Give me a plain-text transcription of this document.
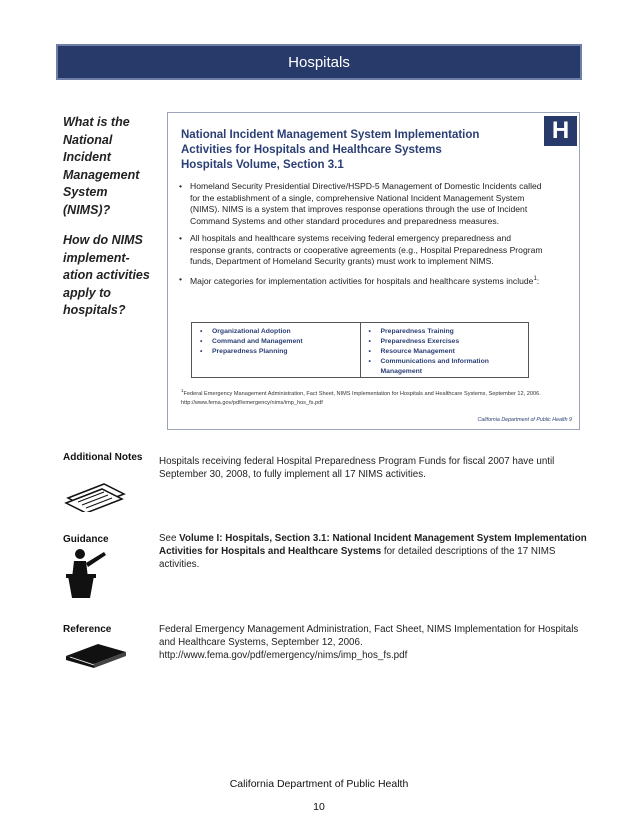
Hospitals

What is the National Incident Management System (NIMS)?

How do NIMS implement-ation activities apply to hospitals?

National Incident Management System Implementation
Activities for Hospitals and Healthcare Systems
Hospitals Volume, Section 3.1
H
• Homeland Security Presidential Directive/HSPD-5 Management of Domestic Incidents called for the establishment of a single, comprehensive National Incident Management System (NIMS). NIMS is a system that improves response operations through the use of Incident Command Systems and other standard procedures and preparedness measures.
• All hospitals and healthcare systems receiving federal emergency preparedness and response grants, contracts or cooperative agreements (e.g., Hospital Preparedness Program funds, Department of Homeland Security grants) must work to implement NIMS.
• Major categories for implementation activities for hospitals and healthcare systems include$^1$:
• Organizational Adoption
• Command and Management
• Preparedness Planning
• Preparedness Training
• Preparedness Exercises
• Resource Management
• Communications and Information Management
$^1$Federal Emergency Management Administration, Fact Sheet, NIMS Implementation for Hospitals and Healthcare Systems, September 12, 2006.
http://www.fema.gov/pdf/emergency/nims/imp_hos_fs.pdf
California Department of Public Health 9
Additional Notes Hospitals receiving federal Hospital Preparedness Program Funds for fiscal 2007 have until September 30, 2008, to fully implement all 17 NIMS activities.
Guidance	See Volume I: Hospitals, Section 3.1: National Incident Management System Implementation Activities for Hospitals and Healthcare Systems for detailed descriptions of the 17 NIMS activities.
Reference	Federal Emergency Management Administration, Fact Sheet, NIMS Implementation for Hospitals and Healthcare Systems, September 12, 2006.
http://www.fema.gov/pdf/emergency/nims/imp_hos_fs.pdf
California Department of Public Health
10
